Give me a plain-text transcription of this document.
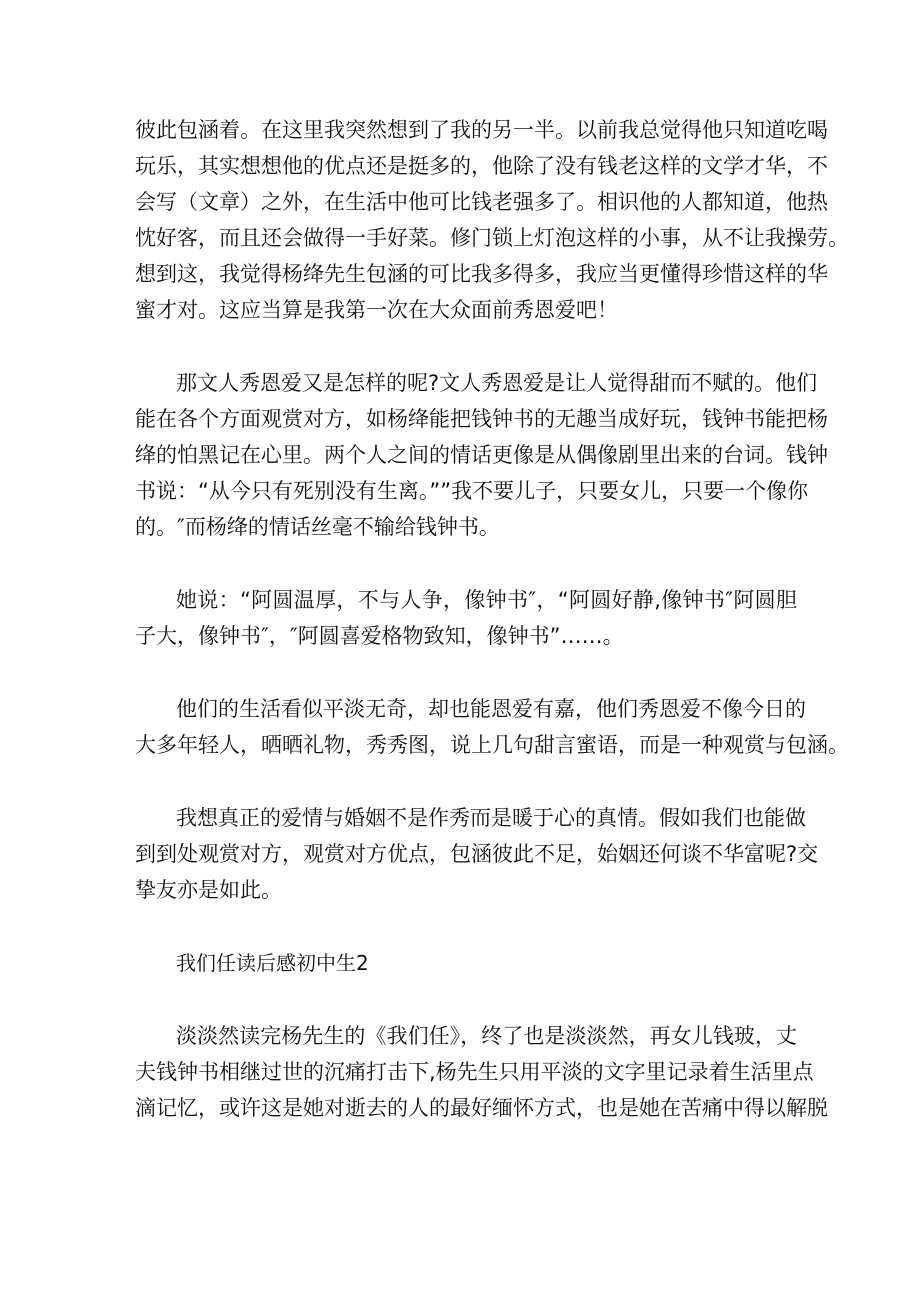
彼此包涵着。在这里我突然想到了我的另一半。以前我总觉得他只知道吃喝
玩乐，其实想想他的优点还是挺多的，他除了没有钱老这样的文学才华，不
会写（文章）之外，在生活中他可比钱老强多了。相识他的人都知道，他热
忱好客，而且还会做得一手好菜。修门锁上灯泡这样的小事，从不让我操劳。
想到这，我觉得杨绛先生包涵的可比我多得多，我应当更懂得珍惜这样的华
蜜才对。这应当算是我第一次在大众面前秀恩爱吧！
那文人秀恩爱又是怎样的呢?文人秀恩爱是让人觉得甜而不赋的。他们
能在各个方面观赏对方，如杨绛能把钱钟书的无趣当成好玩，钱钟书能把杨
绛的怕黑记在心里。两个人之间的情话更像是从偶像剧里出来的台词。钱钟
书说：“从今只有死别没有生离。””我不要儿子，只要女儿，只要一个像你
的。″而杨绛的情话丝毫不输给钱钟书。
她说：“阿圆温厚，不与人争，像钟书″，“阿圆好静,像钟书″阿圆胆
子大，像钟书″，″阿圆喜爱格物致知，像钟书”……。
他们的生活看似平淡无奇，却也能恩爱有嘉，他们秀恩爱不像今日的
大多年轻人，晒晒礼物，秀秀图，说上几句甜言蜜语，而是一种观赏与包涵。
我想真正的爱情与婚姻不是作秀而是暖于心的真情。假如我们也能做
到到处观赏对方，观赏对方优点，包涵彼此不足，始姻还何谈不华富呢?交
挚友亦是如此。
我们任读后感初中生2
淡淡然读完杨先生的《我们任》，终了也是淡淡然，再女儿钱玻，丈
夫钱钟书相继过世的沉痛打击下,杨先生只用平淡的文字里记录着生活里点
滴记忆，或许这是她对逝去的人的最好缅怀方式，也是她在苦痛中得以解脱
